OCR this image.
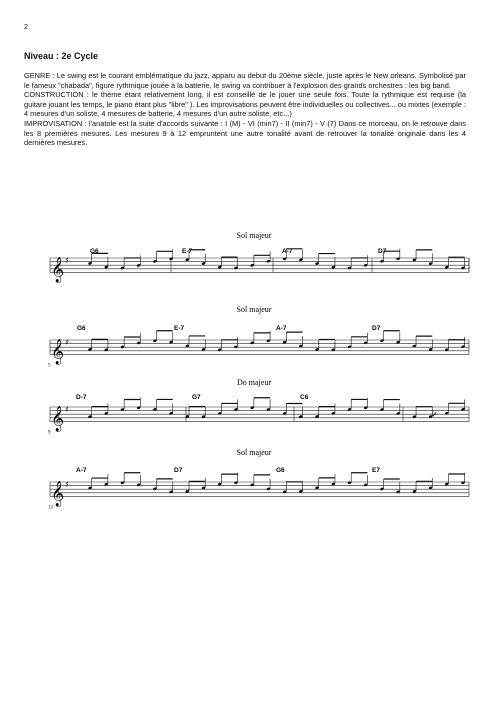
2
Niveau : 2e Cycle

GENRE : Le swing est le courant emblématique du jazz, apparu au debut du 20ème siècle, juste après le New orleans. Symbolisé par le fameux "chabada", figure rythmique jouée à la batterie, le swing va contribuer à l'explosion des grands orchestres : les big band.

CONSTRUCTION : le thème étant relativement long, il est conseillé de le jouer une seule fois. Toute la rythmique est requise (la guitare jouant les temps, le piano étant plus "libre" ). Les improvisations peuvent être individuelles ou collectives... ou mixtes (exemple : 4 mesures d'un soliste, 4 mesures de batterie, 4 mesures d'un autre soliste, etc...)

IMPROVISATION : l'anatole est la suite d'accords suivante : I (M) - VI (min7) - II (min7) - V (7) Dans ce morceau, on le retrouve dans les 8 premières mesures. Les mesures 9 à 12 empruntent une autre tonalité avant de retrouver la tonalité originale dans les 4 dernières mesures.

Sol majeur
𝄞 ♯
G6	E-7	A-7	D7
Sol majeur
𝄞 ♯
5
G6	E-7	A-7	D7
Do majeur
𝄞 ♯
9
D-7	G7	C6
𝄎
Sol majeur
𝄞 ♯
13
A-7	D7	G6	E7
